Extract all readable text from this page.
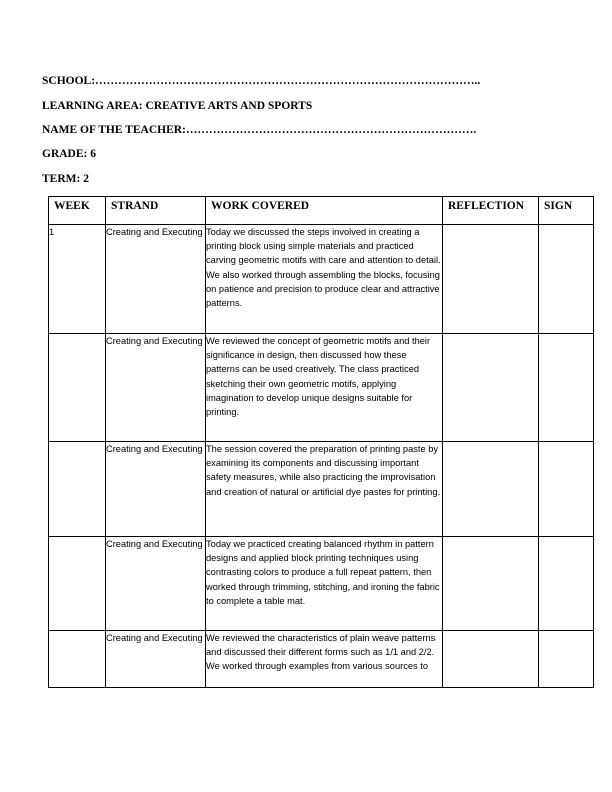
SCHOOL:………………………………………………………………………………………..
LEARNING AREA: CREATIVE ARTS AND SPORTS
NAME OF THE TEACHER:………………………………………………………………….
GRADE: 6
TERM: 2
WEEK	STRAND	WORK COVERED	REFLECTION	SIGN
1	Creating and Executing	Today we discussed the steps involved in creating a printing block using simple materials and practiced carving geometric motifs with care and attention to detail. We also worked through assembling the blocks, focusing on patience and precision to produce clear and attractive patterns.		
	Creating and Executing	We reviewed the concept of geometric motifs and their significance in design, then discussed how these patterns can be used creatively. The class practiced sketching their own geometric motifs, applying imagination to develop unique designs suitable for printing.		
	Creating and Executing	The session covered the preparation of printing paste by examining its components and discussing important safety measures, while also practicing the improvisation and creation of natural or artificial dye pastes for printing.		
	Creating and Executing	Today we practiced creating balanced rhythm in pattern designs and applied block printing techniques using contrasting colors to produce a full repeat pattern, then worked through trimming, stitching, and ironing the fabric to complete a table mat.		
	Creating and Executing	We reviewed the characteristics of plain weave patterns and discussed their different forms such as 1/1 and 2/2. We worked through examples from various sources to		
